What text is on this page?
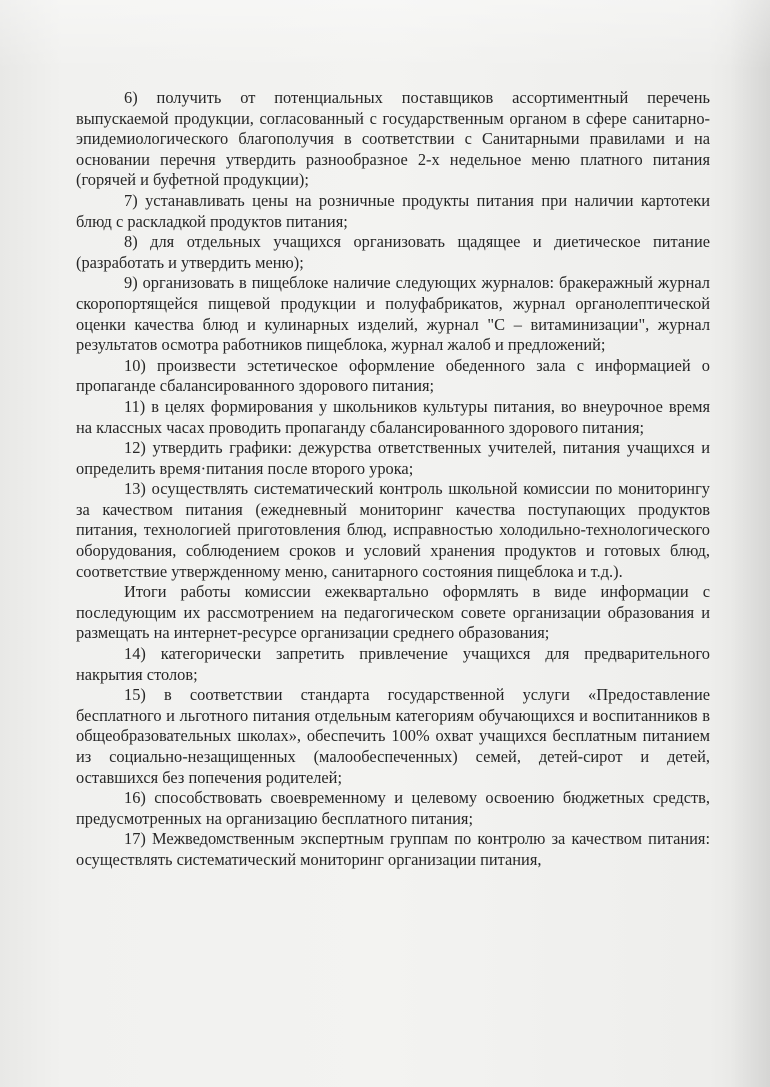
6) получить от потенциальных поставщиков ассортиментный перечень выпускаемой продукции, согласованный с государственным органом в сфере санитарно-эпидемиологического благополучия в соответствии с Санитарными правилами и на основании перечня утвердить разнообразное 2-х недельное меню платного питания (горячей и буфетной продукции);

7) устанавливать цены на розничные продукты питания при наличии картотеки блюд с раскладкой продуктов питания;

8) для отдельных учащихся организовать щадящее и диетическое питание (разработать и утвердить меню);

9) организовать в пищеблоке наличие следующих журналов: бракеражный журнал скоропортящейся пищевой продукции и полуфабрикатов, журнал органолептической оценки качества блюд и кулинарных изделий, журнал "С – витаминизации", журнал результатов осмотра работников пищеблока, журнал жалоб и предложений;

10) произвести эстетическое оформление обеденного зала с информацией о пропаганде сбалансированного здорового питания;

11) в целях формирования у школьников культуры питания, во внеурочное время на классных часах проводить пропаганду сбалансированного здорового питания;

12) утвердить графики: дежурства ответственных учителей, питания учащихся и определить время·питания после второго урока;

13) осуществлять систематический контроль школьной комиссии по мониторингу за качеством питания (ежедневный мониторинг качества поступающих продуктов питания, технологией приготовления блюд, исправностью холодильно-технологического оборудования, соблюдением сроков и условий хранения продуктов и готовых блюд, соответствие утвержденному меню, санитарного состояния пищеблока и т.д.).

Итоги работы комиссии ежеквартально оформлять в виде информации с последующим их рассмотрением на педагогическом совете организации образования и размещать на интернет-ресурсе организации среднего образования;

14) категорически запретить привлечение учащихся для предварительного накрытия столов;

15) в соответствии стандарта государственной услуги «Предоставление бесплатного и льготного питания отдельным категориям обучающихся и воспитанников в общеобразовательных школах», обеспечить 100% охват учащихся бесплатным питанием из социально-незащищенных (малообеспеченных) семей, детей-сирот и детей, оставшихся без попечения родителей;

16) способствовать своевременному и целевому освоению бюджетных средств, предусмотренных на организацию бесплатного питания;

17) Межведомственным экспертным группам по контролю за качеством питания: осуществлять систематический мониторинг организации питания,
